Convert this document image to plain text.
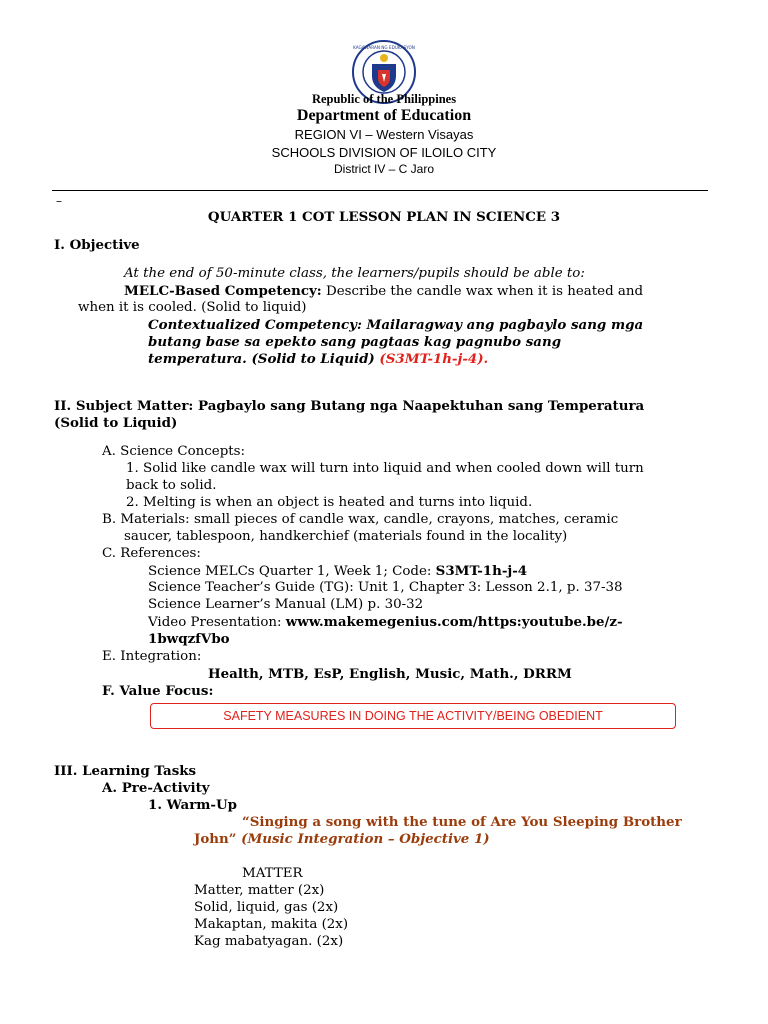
KAGAWARAN NG EDUKASYON
Republic of the Philippines
Department of Education
REGION VI – Western Visayas
SCHOOLS DIVISION OF ILOILO CITY
District IV – C Jaro
–
QUARTER 1 COT LESSON PLAN IN SCIENCE 3
I. Objective
At the end of 50-minute class, the learners/pupils should be able to:
MELC-Based Competency: Describe the candle wax when it is heated and
when it is cooled. (Solid to liquid)
Contextualized Competency: Mailaragway ang pagbaylo sang mga
butang base sa epekto sang pagtaas kag pagnubo sang
temperatura. (Solid to Liquid) (S3MT-1h-j-4).
II. Subject Matter: Pagbaylo sang Butang nga Naapektuhan sang Temperatura
(Solid to Liquid)
A. Science Concepts:
1. Solid like candle wax will turn into liquid and when cooled down will turn
back to solid.
2. Melting is when an object is heated and turns into liquid.
B. Materials: small pieces of candle wax, candle, crayons, matches, ceramic
saucer, tablespoon, handkerchief (materials found in the locality)
C. References:
Science MELCs Quarter 1, Week 1; Code: S3MT-1h-j-4
Science Teacher’s Guide (TG): Unit 1, Chapter 3: Lesson 2.1, p. 37-38
Science Learner’s Manual (LM) p. 30-32
Video Presentation: www.makemegenius.com/https:youtube.be/z-
1bwqzfVbo
E. Integration:
Health, MTB, EsP, English, Music, Math., DRRM
F. Value Focus:
SAFETY MEASURES IN DOING THE ACTIVITY/BEING OBEDIENT
III. Learning Tasks
A. Pre-Activity
1. Warm-Up
“Singing a song with the tune of Are You Sleeping Brother
John” (Music Integration – Objective 1)
MATTER
Matter, matter (2x)
Solid, liquid, gas (2x)
Makaptan, makita (2x)
Kag mabatyagan. (2x)
